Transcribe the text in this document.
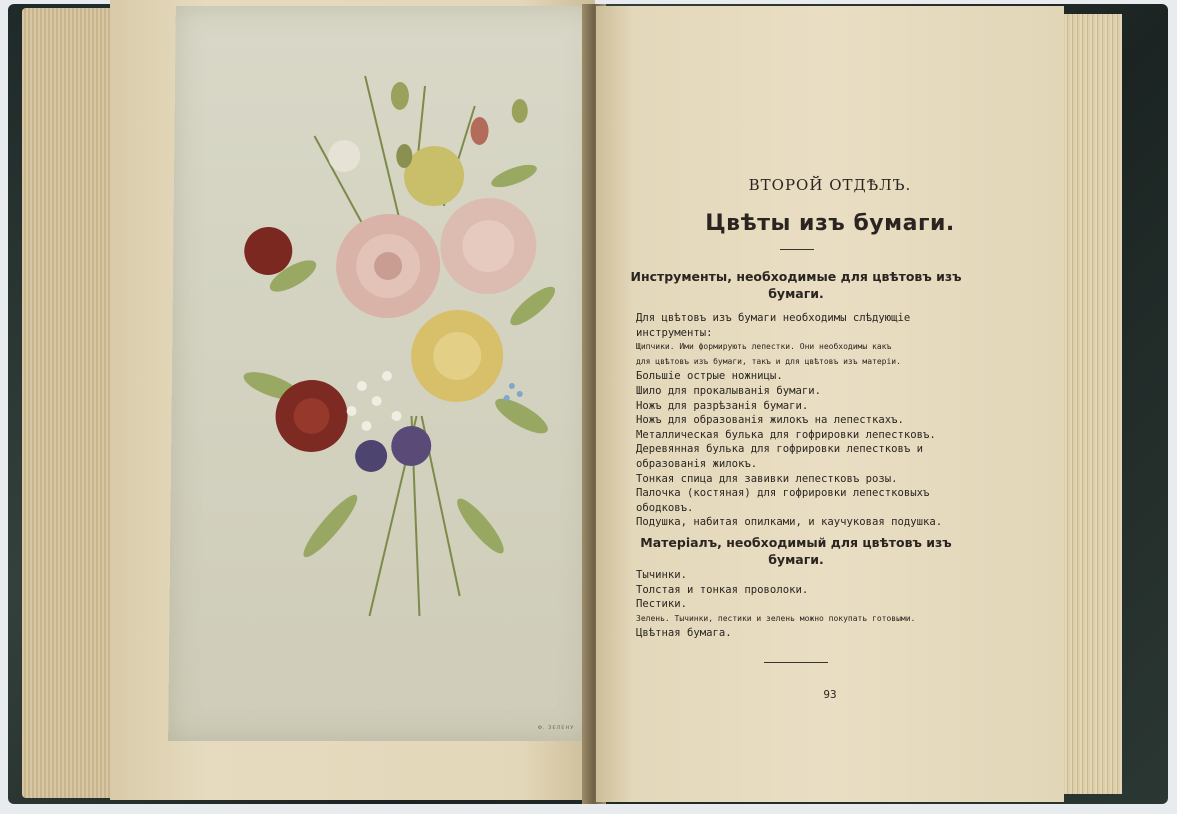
Ф. ЗЕЛЕНУ
ВТОРОЙ ОТДѢЛЪ.
Цвѣты изъ бумаги.
Инструменты, необходимые для цвѣтовъ изъ бумаги.
Для цвѣтовъ изъ бумаги необходимы слѣдующіе
инструменты:
Щипчики. Ими формирують лепестки. Они необходимы какъ
для цвѣтовъ изъ бумаги, такъ и для цвѣтовъ изъ матеріи.
Большіе острые ножницы.
Шило для прокалыванія бумаги.
Ножъ для разрѣзанія бумаги.
Ножъ для образованія жилокъ на лепесткахъ.
Металлическая булька для гофрировки лепестковъ.
Деревянная булька для гофрировки лепестковъ и
образованія жилокъ.
Тонкая спица для завивки лепестковъ розы.
Палочка (костяная) для гофрировки лепестковыхъ
ободковъ.
Подушка, набитая опилками, и каучуковая подушка.
Матеріалъ, необходимый для цвѣтовъ изъ бумаги.
Тычинки.
Толстая и тонкая проволоки.
Пестики.
Зелень. Тычинки, пестики и зелень можно покупать готовыми.
Цвѣтная бумага.
93
